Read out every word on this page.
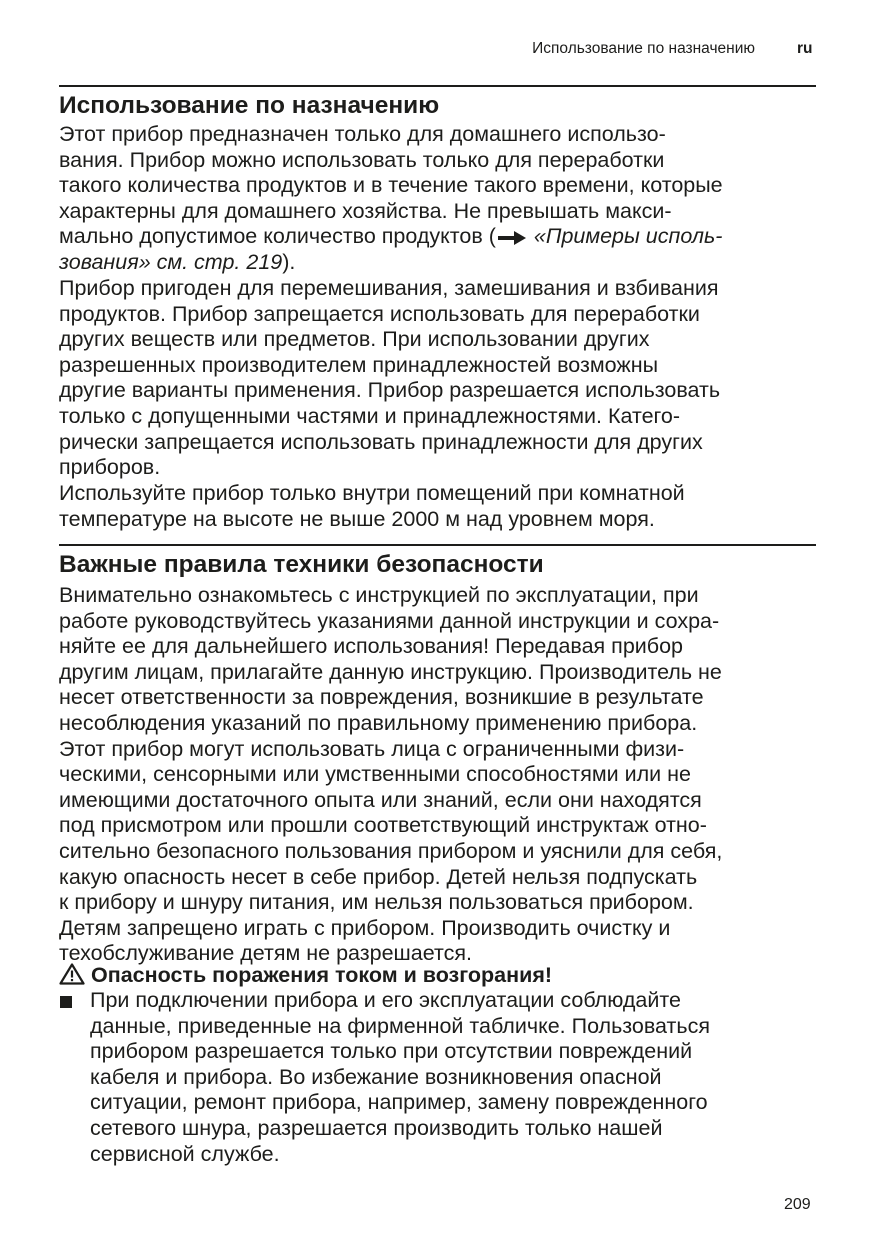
Использование по назначению	ru
Использование по назначению
Этот прибор предназначен только для домашнего использо-
вания. Прибор можно использовать только для переработки
такого количества продуктов и в течение такого времени, которые
характерны для домашнего хозяйства. Не превышать макси-
мально допустимое количество продуктов ( «Примеры исполь-
зования» см. стр. 219).
Прибор пригоден для перемешивания, замешивания и взбивания
продуктов. Прибор запрещается использовать для переработки
других веществ или предметов. При использовании других
разрешенных производителем принадлежностей возможны
другие варианты применения. Прибор разрешается использовать
только с допущенными частями и принадлежностями. Катего-
рически запрещается использовать принадлежности для других
приборов.
Используйте прибор только внутри помещений при комнатной
температуре на высоте не выше 2000 м над уровнем моря.
Важные правила техники безопасности
Внимательно ознакомьтесь с инструкцией по эксплуатации, при
работе руководствуйтесь указаниями данной инструкции и сохра-
няйте ее для дальнейшего использования! Передавая прибор
другим лицам, прилагайте данную инструкцию. Производитель не
несет ответственности за повреждения, возникшие в результате
несоблюдения указаний по правильному применению прибора.
Этот прибор могут использовать лица с ограниченными физи-
ческими, сенсорными или умственными способностями или не
имеющими достаточного опыта или знаний, если они находятся
под присмотром или прошли соответствующий инструктаж отно-
сительно безопасного пользования прибором и уяснили для себя,
какую опасность несет в себе прибор. Детей нельзя подпускать
к прибору и шнуру питания, им нельзя пользоваться прибором.
Детям запрещено играть с прибором. Производить очистку и
техобслуживание детям не разрешается.
Опасность поражения током и возгорания!
При подключении прибора и его эксплуатации соблюдайте
данные, приведенные на фирменной табличке. Пользоваться
прибором разрешается только при отсутствии повреждений
кабеля и прибора. Во избежание возникновения опасной
ситуации, ремонт прибора, например, замену поврежденного
сетевого шнура, разрешается производить только нашей
сервисной службе.
209
